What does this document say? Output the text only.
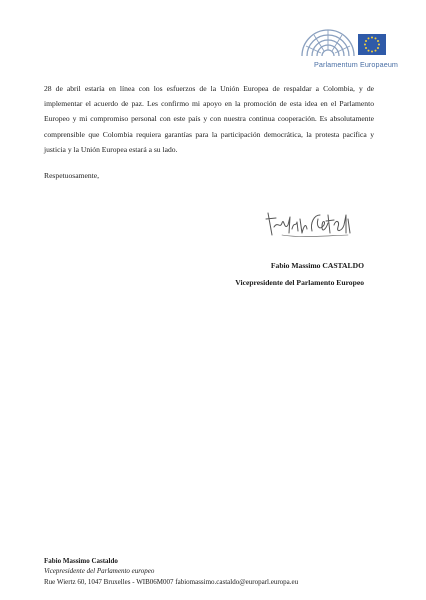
Parlamentum Europaeum

28 de abril estaría en línea con los esfuerzos de la Unión Europea de respaldar a Colombia, y de implementar el acuerdo de paz. Les confirmo mi apoyo en la promoción de esta idea en el Parlamento Europeo y mi compromiso personal con este país y con nuestra continua cooperación. Es absolutamente comprensible que Colombia requiera garantías para la participación democrática, la protesta pacífica y justicia y la Unión Europea estará a su lado.

Respetuosamente,

Fabio Massimo CASTALDO
Vicepresidente del Parlamento Europeo
Fabio Massimo Castaldo
Vicepresidente del Parlamento europeo
Rue Wiertz 60, 1047 Bruxelles - WIB06M007 fabiomassimo.castaldo@europarl.europa.eu
